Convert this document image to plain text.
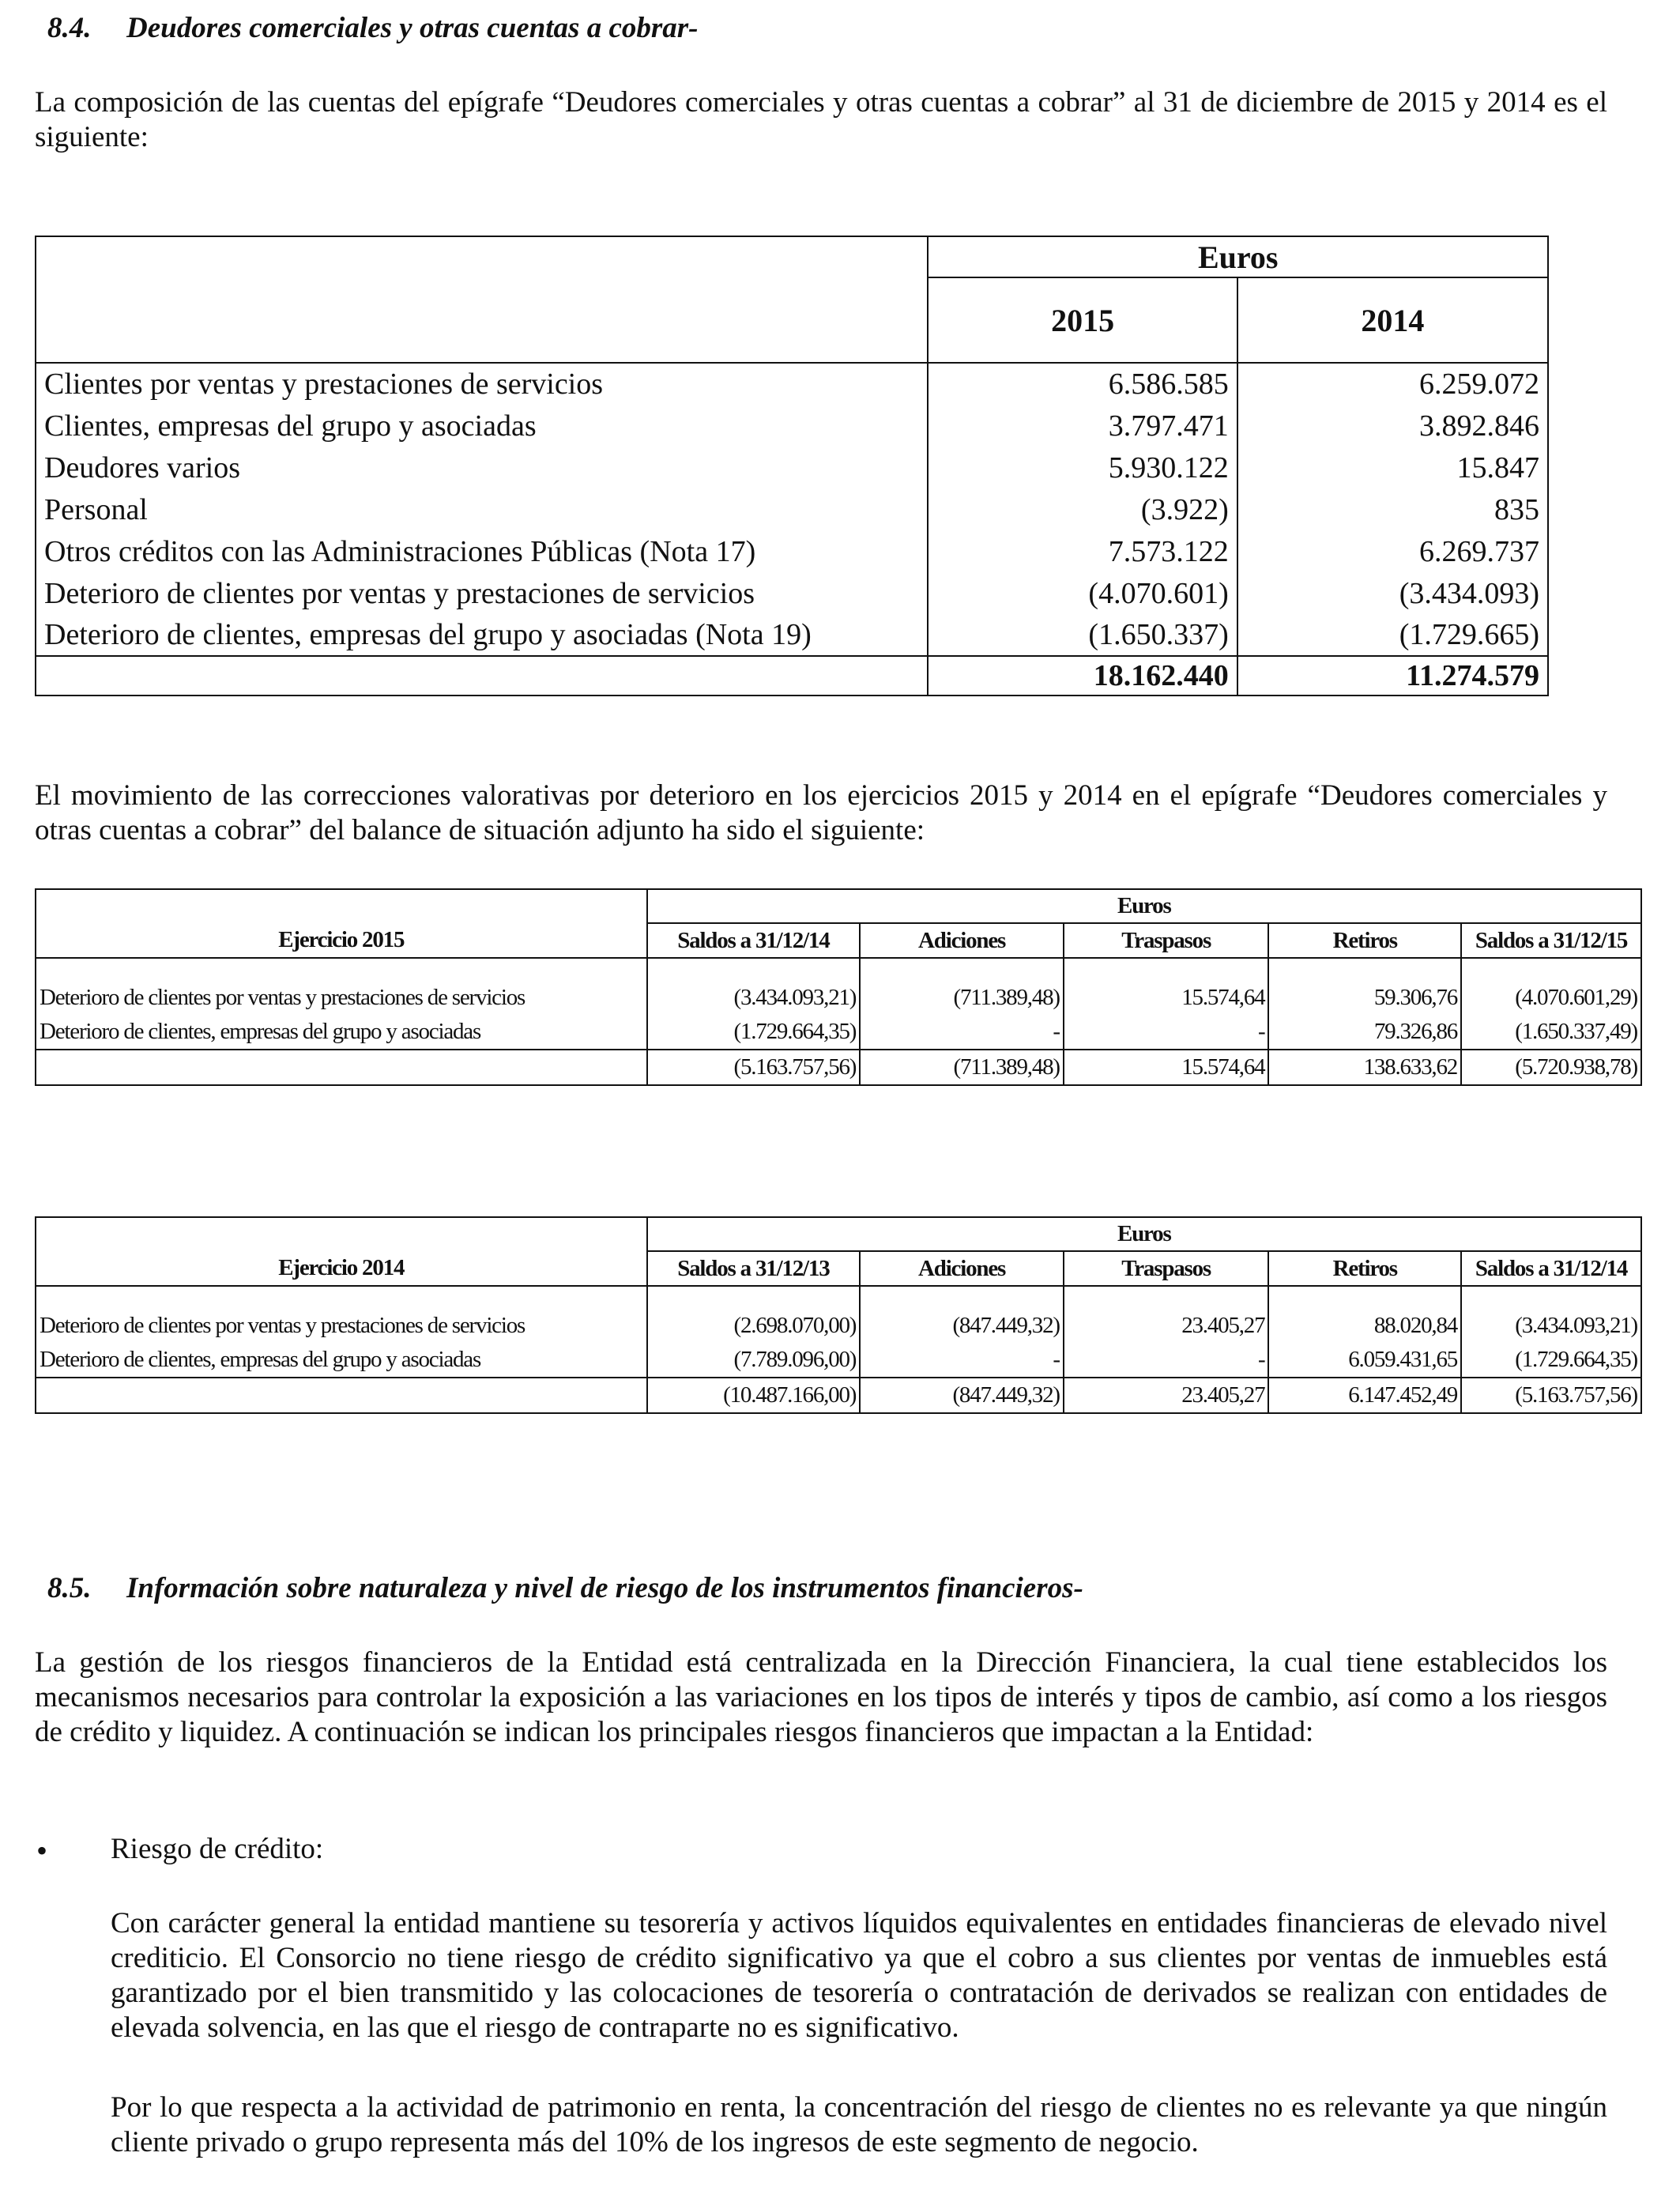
8.4. Deudores comerciales y otras cuentas a cobrar-
La composición de las cuentas del epígrafe “Deudores comerciales y otras cuentas a cobrar” al 31 de diciembre de 2015 y 2014 es el siguiente:
	Euros	
	2015	2014
Clientes por ventas y prestaciones de servicios	6.586.585	6.259.072
Clientes, empresas del grupo y asociadas	3.797.471	3.892.846
Deudores varios	5.930.122	15.847
Personal	(3.922)	835
Otros créditos con las Administraciones Públicas (Nota 17)	7.573.122	6.269.737
Deterioro de clientes por ventas y prestaciones de servicios	(4.070.601)	(3.434.093)
Deterioro de clientes, empresas del grupo y asociadas (Nota 19)	(1.650.337)	(1.729.665)
	18.162.440	11.274.579
El movimiento de las correcciones valorativas por deterioro en los ejercicios 2015 y 2014 en el epígrafe “Deudores comerciales y otras cuentas a cobrar” del balance de situación adjunto ha sido el siguiente:
Ejercicio 2015	Euros				
	Saldos a 31/12/14	Adiciones	Traspasos	Retiros	Saldos a 31/12/15

Deterioro de clientes por ventas y prestaciones de servicios	(3.434.093,21)	(711.389,48)	15.574,64	59.306,76	(4.070.601,29)
Deterioro de clientes, empresas del grupo y asociadas	(1.729.664,35)	-	-	79.326,86	(1.650.337,49)
	(5.163.757,56)	(711.389,48)	15.574,64	138.633,62	(5.720.938,78)
Ejercicio 2014	Euros				
	Saldos a 31/12/13	Adiciones	Traspasos	Retiros	Saldos a 31/12/14

Deterioro de clientes por ventas y prestaciones de servicios	(2.698.070,00)	(847.449,32)	23.405,27	88.020,84	(3.434.093,21)
Deterioro de clientes, empresas del grupo y asociadas	(7.789.096,00)	-	-	6.059.431,65	(1.729.664,35)
	(10.487.166,00)	(847.449,32)	23.405,27	6.147.452,49	(5.163.757,56)
8.5. Información sobre naturaleza y nivel de riesgo de los instrumentos financieros-
La gestión de los riesgos financieros de la Entidad está centralizada en la Dirección Financiera, la cual tiene establecidos los mecanismos necesarios para controlar la exposición a las variaciones en los tipos de interés y tipos de cambio, así como a los riesgos de crédito y liquidez. A continuación se indican los principales riesgos financieros que impactan a la Entidad:
• Riesgo de crédito:
Con carácter general la entidad mantiene su tesorería y activos líquidos equivalentes en entidades financieras de elevado nivel crediticio. El Consorcio no tiene riesgo de crédito significativo ya que el cobro a sus clientes por ventas de inmuebles está garantizado por el bien transmitido y las colocaciones de tesorería o contratación de derivados se realizan con entidades de elevada solvencia, en las que el riesgo de contraparte no es significativo.
Por lo que respecta a la actividad de patrimonio en renta, la concentración del riesgo de clientes no es relevante ya que ningún cliente privado o grupo representa más del 10% de los ingresos de este segmento de negocio.
